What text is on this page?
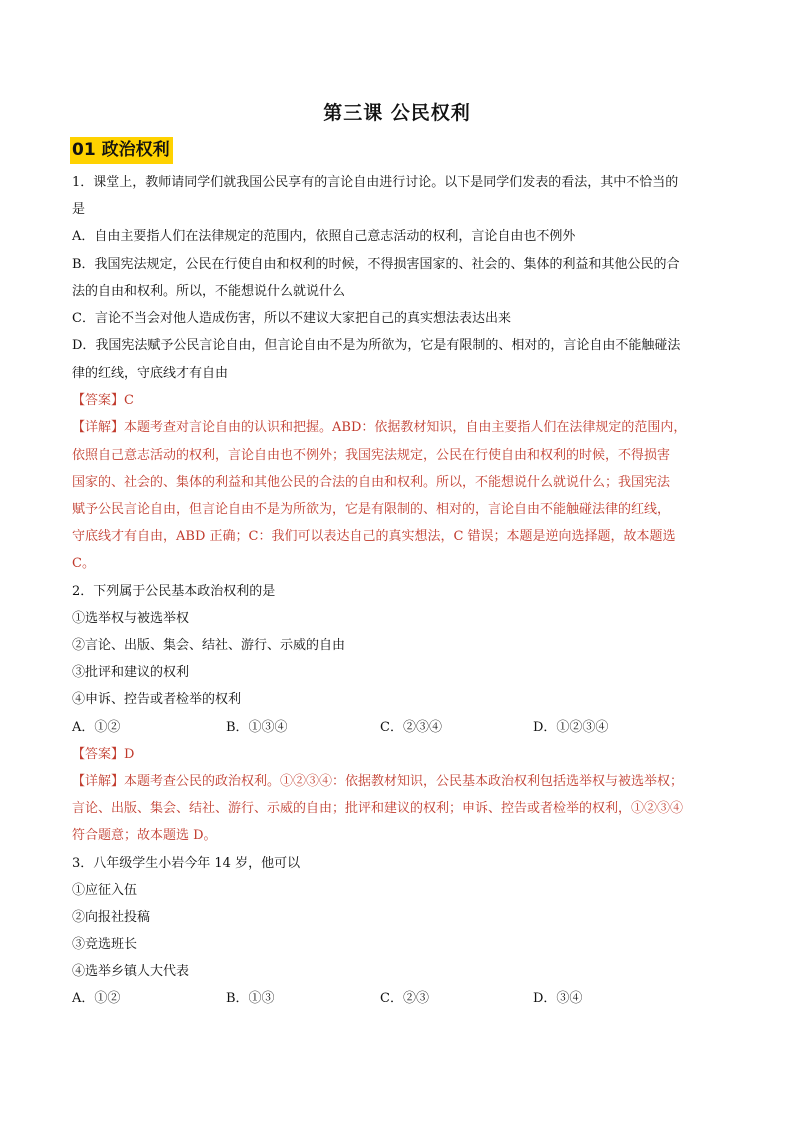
第三课 公民权利
01 政治权利
1．课堂上，教师请同学们就我国公民享有的言论自由进行讨论。以下是同学们发表的看法，其中不恰当的
是
A．自由主要指人们在法律规定的范围内，依照自己意志活动的权利，言论自由也不例外
B．我国宪法规定，公民在行使自由和权利的时候，不得损害国家的、社会的、集体的利益和其他公民的合
法的自由和权利。所以，不能想说什么就说什么
C．言论不当会对他人造成伤害，所以不建议大家把自己的真实想法表达出来
D．我国宪法赋予公民言论自由，但言论自由不是为所欲为，它是有限制的、相对的，言论自由不能触碰法
律的红线，守底线才有自由
【答案】C
【详解】本题考查对言论自由的认识和把握。ABD：依据教材知识，自由主要指人们在法律规定的范围内，
依照自己意志活动的权利，言论自由也不例外；我国宪法规定，公民在行使自由和权利的时候，不得损害
国家的、社会的、集体的利益和其他公民的合法的自由和权利。所以，不能想说什么就说什么；我国宪法
赋予公民言论自由，但言论自由不是为所欲为，它是有限制的、相对的，言论自由不能触碰法律的红线，
守底线才有自由，ABD 正确；C：我们可以表达自己的真实想法，C 错误；本题是逆向选择题，故本题选
C。
2．下列属于公民基本政治权利的是
①选举权与被选举权
②言论、出版、集会、结社、游行、示威的自由
③批评和建议的权利
④申诉、控告或者检举的权利
A．①②	B．①③④	C．②③④	D．①②③④
【答案】D
【详解】本题考查公民的政治权利。①②③④：依据教材知识，公民基本政治权利包括选举权与被选举权；
言论、出版、集会、结社、游行、示威的自由；批评和建议的权利；申诉、控告或者检举的权利，①②③④
符合题意；故本题选 D。
3．八年级学生小岩今年 14 岁，他可以
①应征入伍
②向报社投稿
③竞选班长
④选举乡镇人大代表
A．①②	B．①③	C．②③	D．③④
